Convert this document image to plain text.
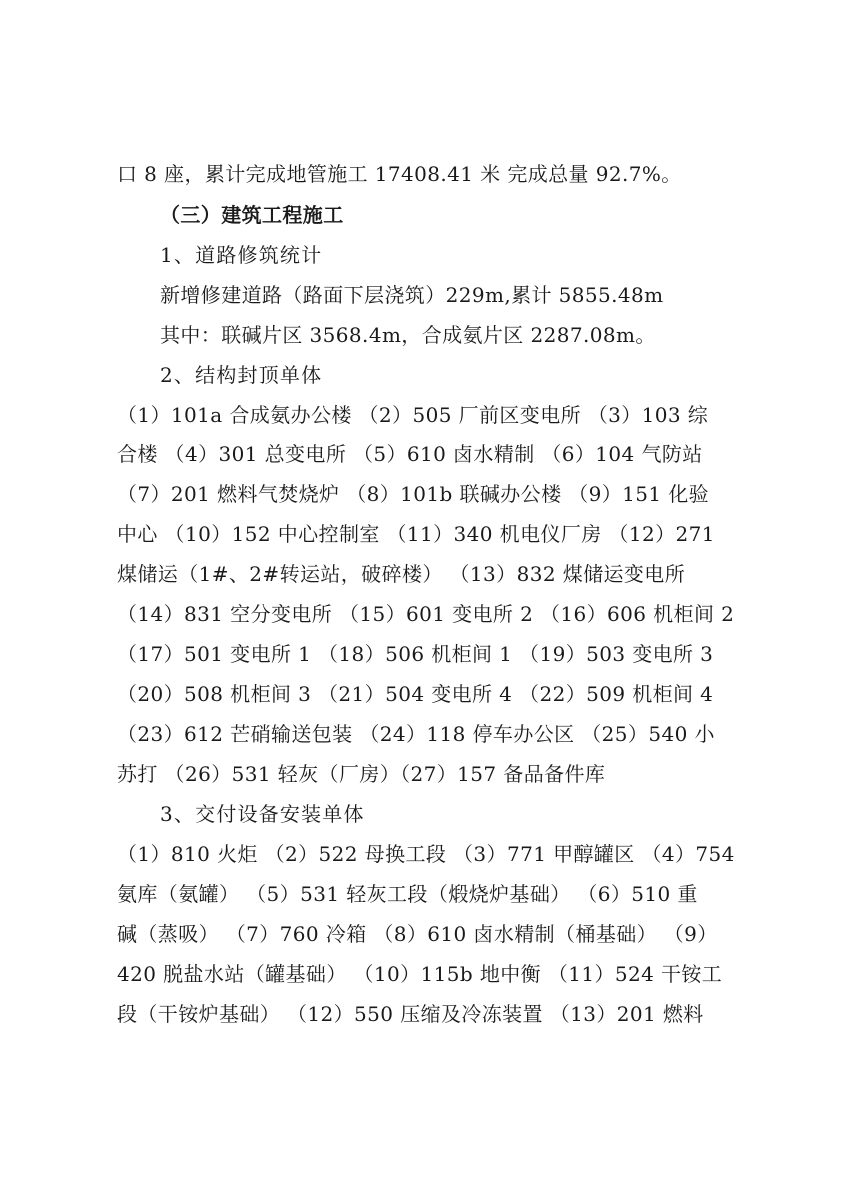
口 8 座，累计完成地管施工 17408.41 米 完成总量 92.7%。
（三）建筑工程施工
1、道路修筑统计
新增修建道路（路面下层浇筑）229m,累计 5855.48m
其中：联碱片区 3568.4m，合成氨片区 2287.08m。
2、结构封顶单体
（1）101a 合成氨办公楼 （2）505 厂前区变电所 （3）103 综
合楼 （4）301 总变电所 （5）610 卤水精制 （6）104 气防站
（7）201 燃料气焚烧炉 （8）101b 联碱办公楼 （9）151 化验
中心 （10）152 中心控制室 （11）340 机电仪厂房 （12）271
煤储运（1#、2#转运站，破碎楼） （13）832 煤储运变电所
（14）831 空分变电所 （15）601 变电所 2 （16）606 机柜间 2
（17）501 变电所 1 （18）506 机柜间 1 （19）503 变电所 3
（20）508 机柜间 3 （21）504 变电所 4 （22）509 机柜间 4
（23）612 芒硝输送包装 （24）118 停车办公区 （25）540 小
苏打 （26）531 轻灰（厂房）（27）157 备品备件库
3、交付设备安装单体
（1）810 火炬 （2）522 母换工段 （3）771 甲醇罐区 （4）754
氨库（氨罐） （5）531 轻灰工段（煅烧炉基础） （6）510 重
碱（蒸吸） （7）760 冷箱 （8）610 卤水精制（桶基础） （9）
420 脱盐水站（罐基础） （10）115b 地中衡 （11）524 干铵工
段（干铵炉基础） （12）550 压缩及冷冻装置 （13）201 燃料
